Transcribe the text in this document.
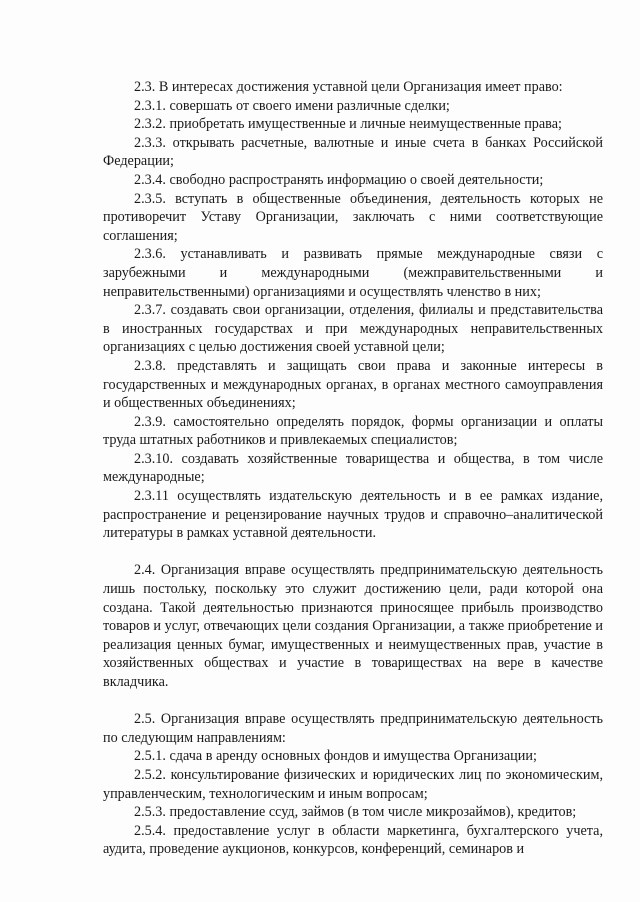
2.3. В интересах достижения уставной цели Организация имеет право:

2.3.1. совершать от своего имени различные сделки;

2.3.2. приобретать имущественные и личные неимущественные права;

2.3.3. открывать расчетные, валютные и иные счета в банках Российской Федерации;

2.3.4. свободно распространять информацию о своей деятельности;

2.3.5. вступать в общественные объединения, деятельность которых не противоречит Уставу Организации, заключать с ними соответствующие соглашения;

2.3.6. устанавливать и развивать прямые международные связи с зарубежными и международными (межправительственными и неправительственными) организациями и осуществлять членство в них;

2.3.7. создавать свои организации, отделения, филиалы и представительства в иностранных государствах и при международных неправительственных организациях с целью достижения своей уставной цели;

2.3.8. представлять и защищать свои права и законные интересы в государственных и международных органах, в органах местного самоуправления и общественных объединениях;

2.3.9. самостоятельно определять порядок, формы организации и оплаты труда штатных работников и привлекаемых специалистов;

2.3.10. создавать хозяйственные товарищества и общества, в том числе международные;

2.3.11 осуществлять издательскую деятельность и в ее рамках издание, распространение и рецензирование научных трудов и справочно–аналитической литературы в рамках уставной деятельности.

2.4. Организация вправе осуществлять предпринимательскую деятельность лишь постольку, поскольку это служит достижению цели, ради которой она создана. Такой деятельностью признаются приносящее прибыль производство товаров и услуг, отвечающих цели создания Организации, а также приобретение и реализация ценных бумаг, имущественных и неимущественных прав, участие в хозяйственных обществах и участие в товариществах на вере в качестве вкладчика.

2.5. Организация вправе осуществлять предпринимательскую деятельность по следующим направлениям:

2.5.1. сдача в аренду основных фондов и имущества Организации;

2.5.2. консультирование физических и юридических лиц по экономическим, управленческим, технологическим и иным вопросам;

2.5.3. предоставление ссуд, займов (в том числе микрозаймов), кредитов;

2.5.4. предоставление услуг в области маркетинга, бухгалтерского учета, аудита, проведение аукционов, конкурсов, конференций, семинаров и
